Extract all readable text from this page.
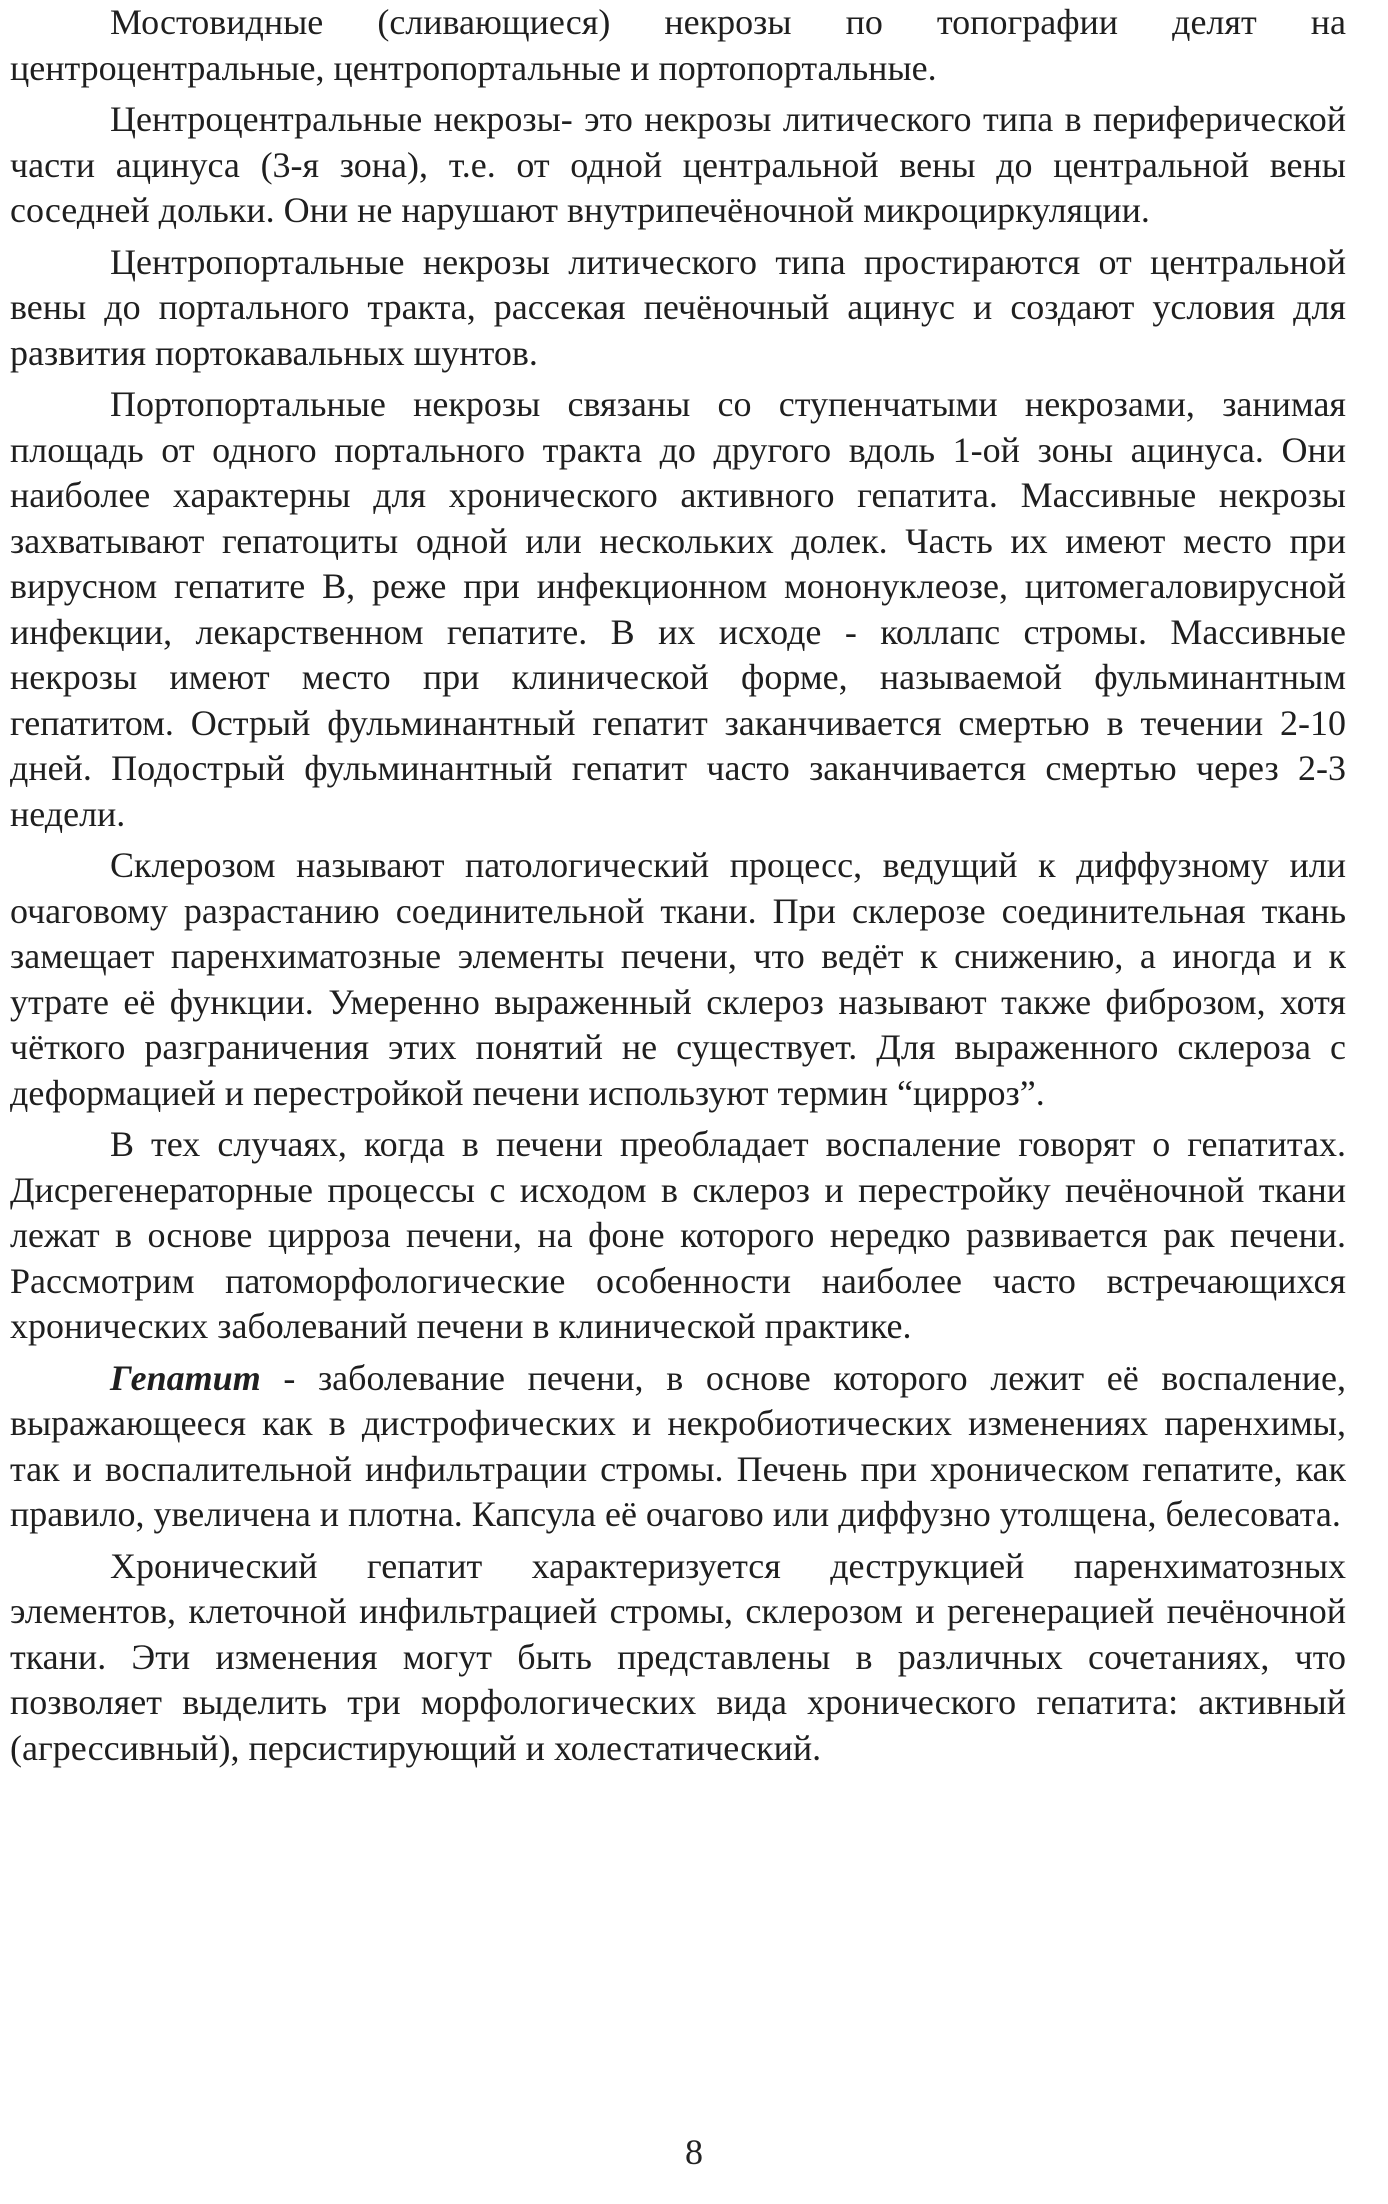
Мостовидные (сливающиеся) некрозы по топографии делят на центроцентральные, центропортальные и портопортальные.

Центроцентральные некрозы- это некрозы литического типа в периферической части ацинуса (3-я зона), т.е. от одной центральной вены до центральной вены соседней дольки. Они не нарушают внутрипечёночной микроциркуляции.

Центропортальные некрозы литического типа простираются от центральной вены до портального тракта, рассекая печёночный ацинус и создают условия для развития портокавальных шунтов.

Портопортальные некрозы связаны со ступенчатыми некрозами, занимая площадь от одного портального тракта до другого вдоль 1-ой зоны ацинуса. Они наиболее характерны для хронического активного гепатита. Массивные некрозы захватывают гепатоциты одной или нескольких долек. Часть их имеют место при вирусном гепатите В, реже при инфекционном мононуклеозе, цитомегаловирусной инфекции, лекарственном гепатите. В их исходе - коллапс стромы. Массивные некрозы имеют место при клинической форме, называемой фульминантным гепатитом. Острый фульминантный гепатит заканчивается смертью в течении 2-10 дней. Подострый фульминантный гепатит часто заканчивается смертью через 2-3 недели.

Склерозом называют патологический процесс, ведущий к диффузному или очаговому разрастанию соединительной ткани. При склерозе соединительная ткань замещает паренхиматозные элементы печени, что ведёт к снижению, а иногда и к утрате её функции. Умеренно выраженный склероз называют также фиброзом, хотя чёткого разграничения этих понятий не существует. Для выраженного склероза с деформацией и перестройкой печени используют термин “цирроз”.

В тех случаях, когда в печени преобладает воспаление говорят о гепатитах. Дисрегенераторные процессы с исходом в склероз и перестройку печёночной ткани лежат в основе цирроза печени, на фоне которого нередко развивается рак печени. Рассмотрим патоморфологические особенности наиболее часто встречающихся хронических заболеваний печени в клинической практике.

Гепатит - заболевание печени, в основе которого лежит её воспаление, выражающееся как в дистрофических и некробиотических изменениях паренхимы, так и воспалительной инфильтрации стромы. Печень при хроническом гепатите, как правило, увеличена и плотна. Капсула её очагово или диффузно утолщена, белесовата.

Хронический гепатит характеризуется деструкцией паренхиматозных элементов, клеточной инфильтрацией стромы, склерозом и регенерацией печёночной ткани. Эти изменения могут быть представлены в различных сочетаниях, что позволяет выделить три морфологических вида хронического гепатита: активный (агрессивный), персистирующий и холестатический.

8
